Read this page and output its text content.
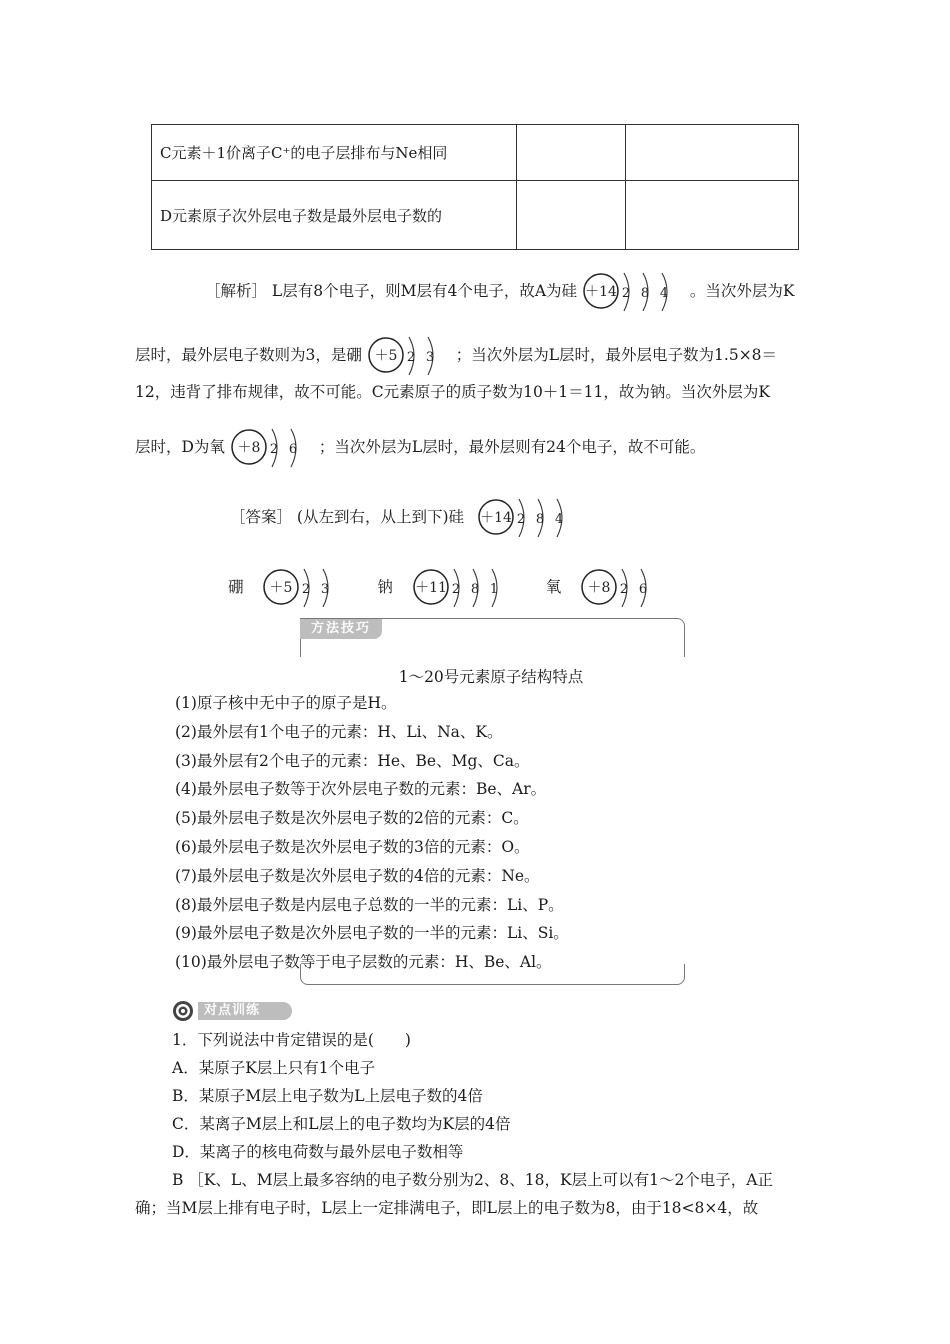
C元素＋1价离子C⁺的电子层排布与Ne相同		
D元素原子次外层电子数是最外层电子数的		
［解析］ L层有8个电子，则M层有4个电子，故A为硅 ＋14 2 8 4 。当次外层为K
层时，最外层电子数则为3，是硼 ＋5 2 3 ；当次外层为L层时，最外层电子数为1.5×8＝
12，违背了排布规律，故不可能。C元素原子的质子数为10＋1＝11，故为钠。当次外层为K
层时，D为氧 ＋8 2 6 ；当次外层为L层时，最外层则有24个电子，故不可能。
［答案］ (从左到右，从上到下)硅 ＋14 2 8 4
硼 ＋5 2 3	钠 ＋11 2 8 1	氧 ＋8 2 6
方法技巧
1～20号元素原子结构特点
(1)原子核中无中子的原子是H。
(2)最外层有1个电子的元素：H、Li、Na、K。
(3)最外层有2个电子的元素：He、Be、Mg、Ca。
(4)最外层电子数等于次外层电子数的元素：Be、Ar。
(5)最外层电子数是次外层电子数的2倍的元素：C。
(6)最外层电子数是次外层电子数的3倍的元素：O。
(7)最外层电子数是次外层电子数的4倍的元素：Ne。
(8)最外层电子数是内层电子总数的一半的元素：Li、P。
(9)最外层电子数是次外层电子数的一半的元素：Li、Si。
(10)最外层电子数等于电子层数的元素：H、Be、Al。
对点训练
1．下列说法中肯定错误的是(　　)
A．某原子K层上只有1个电子
B．某原子M层上电子数为L上层电子数的4倍
C．某离子M层上和L层上的电子数均为K层的4倍
D．某离子的核电荷数与最外层电子数相等
B ［K、L、M层上最多容纳的电子数分别为2、8、18，K层上可以有1～2个电子，A正
确；当M层上排有电子时，L层上一定排满电子，即L层上的电子数为8，由于18<8×4，故
